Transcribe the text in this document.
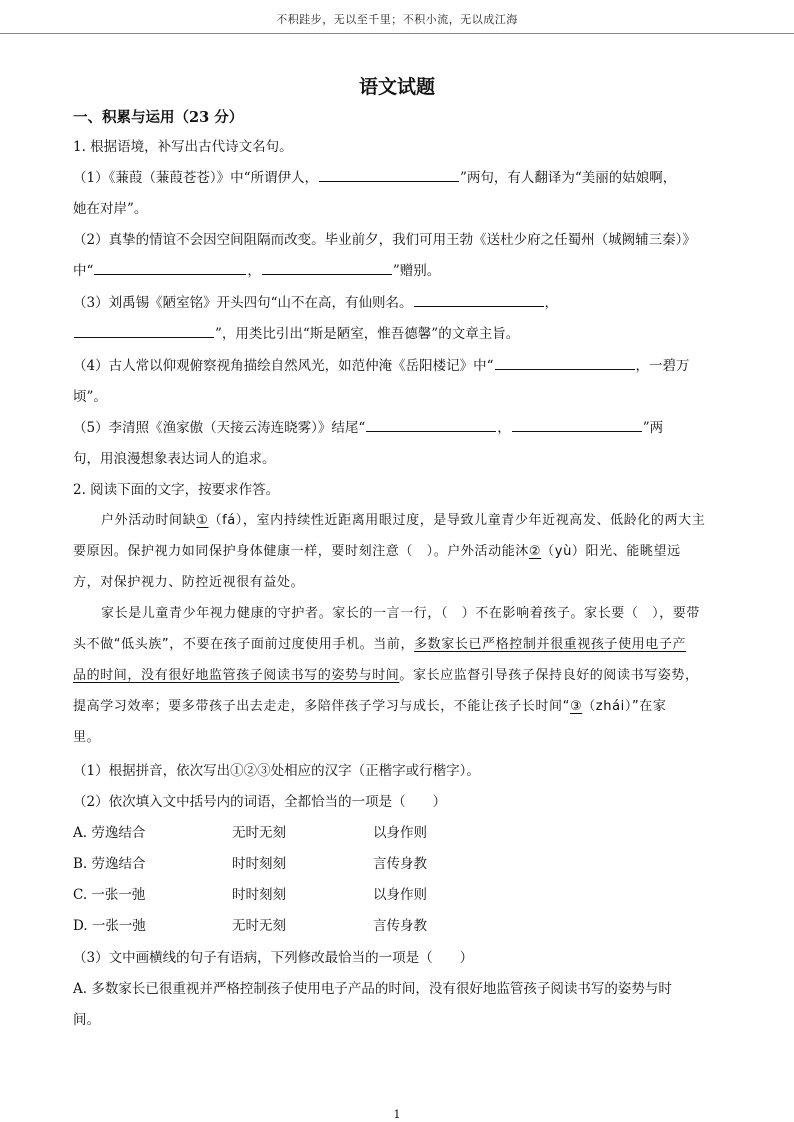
不积跬步，无以至千里；不积小流，无以成江海
语文试题
一、积累与运用（23 分）
1. 根据语境，补写出古代诗文名句。
（1）《蒹葭（蒹葭苍苍）》中“所谓伊人，	”两句，有人翻译为“美丽的姑娘啊，
她在对岸”。
（2）真挚的情谊不会因空间阻隔而改变。毕业前夕，我们可用王勃《送杜少府之任蜀州（城阙辅三秦）》
中“	，	”赠别。
（3）刘禹锡《陋室铭》开头四句“山不在高，有仙则名。	，
”，用类比引出“斯是陋室，惟吾德馨”的文章主旨。
（4）古人常以仰观俯察视角描绘自然风光，如范仲淹《岳阳楼记》中“	，一碧万
顷”。
（5）李清照《渔家傲（天接云涛连晓雾）》结尾“	，	”两
句，用浪漫想象表达词人的追求。
2. 阅读下面的文字，按要求作答。
户外活动时间缺①（fá），室内持续性近距离用眼过度，是导致儿童青少年近视高发、低龄化的两大主
要原因。保护视力如同保护身体健康一样，要时刻注意（　）。户外活动能沐②（yù）阳光、能眺望远
方，对保护视力、防控近视很有益处。
家长是儿童青少年视力健康的守护者。家长的一言一行，（　）不在影响着孩子。家长要（　），要带
头不做“低头族”，不要在孩子面前过度使用手机。当前，多数家长已严格控制并很重视孩子使用电子产
品的时间，没有很好地监管孩子阅读书写的姿势与时间。家长应监督引导孩子保持良好的阅读书写姿势，
提高学习效率；要多带孩子出去走走，多陪伴孩子学习与成长，不能让孩子长时间“③（zhái）”在家
里。
（1）根据拼音，依次写出①②③处相应的汉字（正楷字或行楷字）。
（2）依次填入文中括号内的词语，全都恰当的一项是（　　）
A. 劳逸结合	无时无刻	以身作则
B. 劳逸结合	时时刻刻	言传身教
C. 一张一弛	时时刻刻	以身作则
D. 一张一弛	无时无刻	言传身教
（3）文中画横线的句子有语病，下列修改最恰当的一项是（　　）
A. 多数家长已很重视并严格控制孩子使用电子产品的时间，没有很好地监管孩子阅读书写的姿势与时
间。
1
